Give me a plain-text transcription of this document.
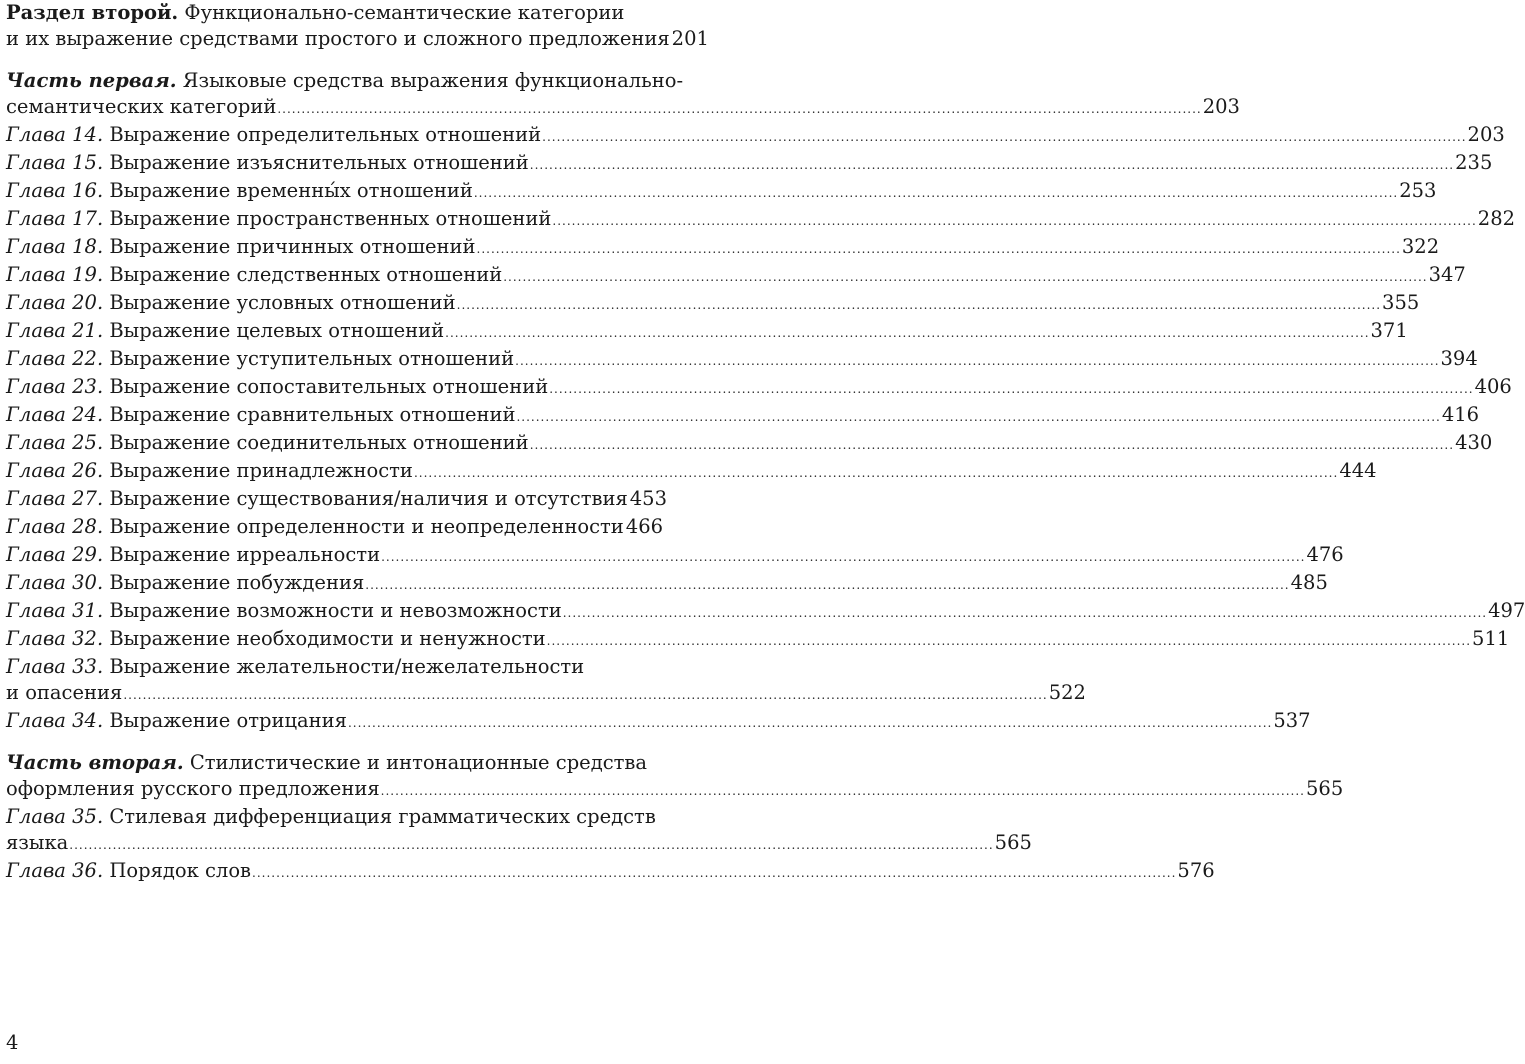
Раздел второй. Функционально-семантические категории
и их выражение средствами простого и сложного предложения 201
Часть первая. Языковые средства выражения функционально-
семантических категорий .....	203
Глава 14. Выражение определительных отношений .....	203
Глава 15. Выражение изъяснительных отношений .....	235
Глава 16. Выражение временны́х отношений .....	253
Глава 17. Выражение пространственных отношений .....	282
Глава 18. Выражение причинных отношений .....	322
Глава 19. Выражение следственных отношений .....	347
Глава 20. Выражение условных отношений .....	355
Глава 21. Выражение целевых отношений .....	371
Глава 22. Выражение уступительных отношений .....	394
Глава 23. Выражение сопоставительных отношений .....	406
Глава 24. Выражение сравнительных отношений .....	416
Глава 25. Выражение соединительных отношений .....	430
Глава 26. Выражение принадлежности .....	444
Глава 27. Выражение существования/наличия и отсутствия 453
Глава 28. Выражение определенности и неопределенности 466
Глава 29. Выражение ирреальности .....	476
Глава 30. Выражение побуждения .....	485
Глава 31. Выражение возможности и невозможности .....	497
Глава 32. Выражение необходимости и ненужности .....	511
Глава 33. Выражение желательности/нежелательности
и опасения .....	522
Глава 34. Выражение отрицания .....	537
Часть вторая. Стилистические и интонационные средства
оформления русского предложения .....	565
Глава 35. Стилевая дифференциация грамматических средств
языка .....	565
Глава 36. Порядок слов .....	576
4
